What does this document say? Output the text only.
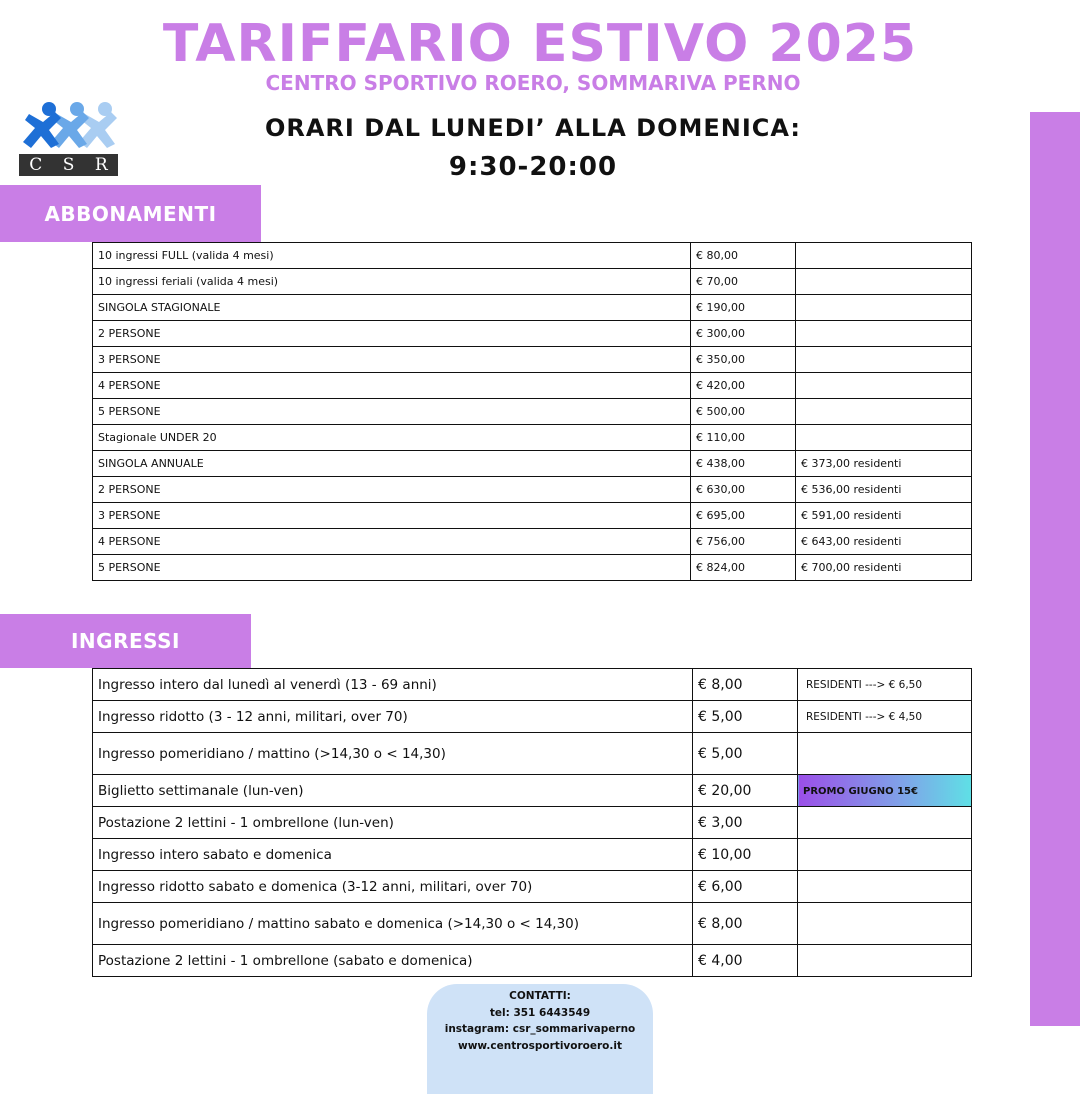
TARIFFARIO ESTIVO 2025
CENTRO SPORTIVO ROERO, SOMMARIVA PERNO
ORARI DAL LUNEDI’ ALLA DOMENICA:
9:30-20:00
C S R
ABBONAMENTI
10 ingressi FULL (valida 4 mesi)	€ 80,00	
10 ingressi feriali (valida 4 mesi)	€ 70,00	
SINGOLA STAGIONALE	€ 190,00	
2 PERSONE	€ 300,00	
3 PERSONE	€ 350,00	
4 PERSONE	€ 420,00	
5 PERSONE	€ 500,00	
Stagionale UNDER 20	€ 110,00	
SINGOLA ANNUALE	€ 438,00	€ 373,00 residenti
2 PERSONE	€ 630,00	€ 536,00 residenti
3 PERSONE	€ 695,00	€ 591,00 residenti
4 PERSONE	€ 756,00	€ 643,00 residenti
5 PERSONE	€ 824,00	€ 700,00 residenti
INGRESSI
Ingresso intero dal lunedì al venerdì (13 - 69 anni)	€ 8,00	RESIDENTI ---> € 6,50
Ingresso ridotto (3 - 12 anni, militari, over 70)	€ 5,00	RESIDENTI ---> € 4,50
Ingresso pomeridiano / mattino (>14,30 o < 14,30)	€ 5,00	
Biglietto settimanale (lun-ven)	€ 20,00	PROMO GIUGNO 15€
Postazione 2 lettini - 1 ombrellone (lun-ven)	€ 3,00	
Ingresso intero sabato e domenica	€ 10,00	
Ingresso ridotto sabato e domenica (3-12 anni, militari, over 70)	€ 6,00	
Ingresso pomeridiano / mattino sabato e domenica (>14,30 o < 14,30)	€ 8,00	
Postazione 2 lettini - 1 ombrellone (sabato e domenica)	€ 4,00	
CONTATTI:
tel: 351 6443549
instagram: csr_sommarivaperno
www.centrosportivoroero.it
